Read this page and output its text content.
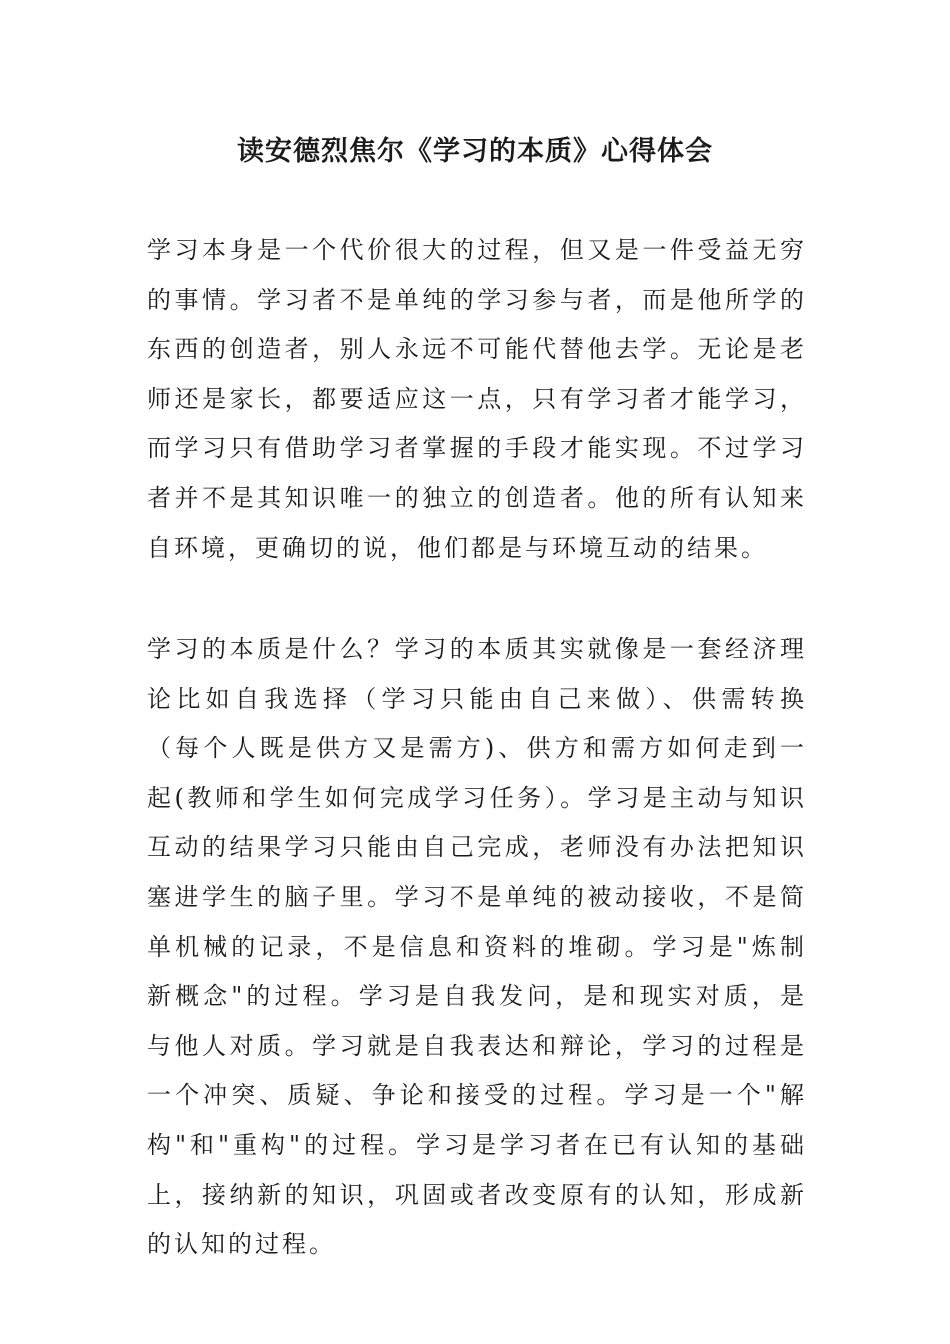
读安德烈焦尔《学习的本质》心得体会

学习本身是一个代价很大的过程，但又是一件受益无穷的事情。学习者不是单纯的学习参与者，而是他所学的东西的创造者，别人永远不可能代替他去学。无论是老师还是家长，都要适应这一点，只有学习者才能学习，而学习只有借助学习者掌握的手段才能实现。不过学习者并不是其知识唯一的独立的创造者。他的所有认知来自环境，更确切的说，他们都是与环境互动的结果。

学习的本质是什么？学习的本质其实就像是一套经济理论比如自我选择（学习只能由自己来做）、供需转换（每个人既是供方又是需方)、供方和需方如何走到一起(教师和学生如何完成学习任务）。学习是主动与知识互动的结果学习只能由自己完成，老师没有办法把知识塞进学生的脑子里。学习不是单纯的被动接收，不是简单机械的记录，不是信息和资料的堆砌。学习是"炼制新概念"的过程。学习是自我发问，是和现实对质，是与他人对质。学习就是自我表达和辩论，学习的过程是一个冲突、质疑、争论和接受的过程。学习是一个"解构"和"重构"的过程。学习是学习者在已有认知的基础上，接纳新的知识，巩固或者改变原有的认知，形成新的认知的过程。
